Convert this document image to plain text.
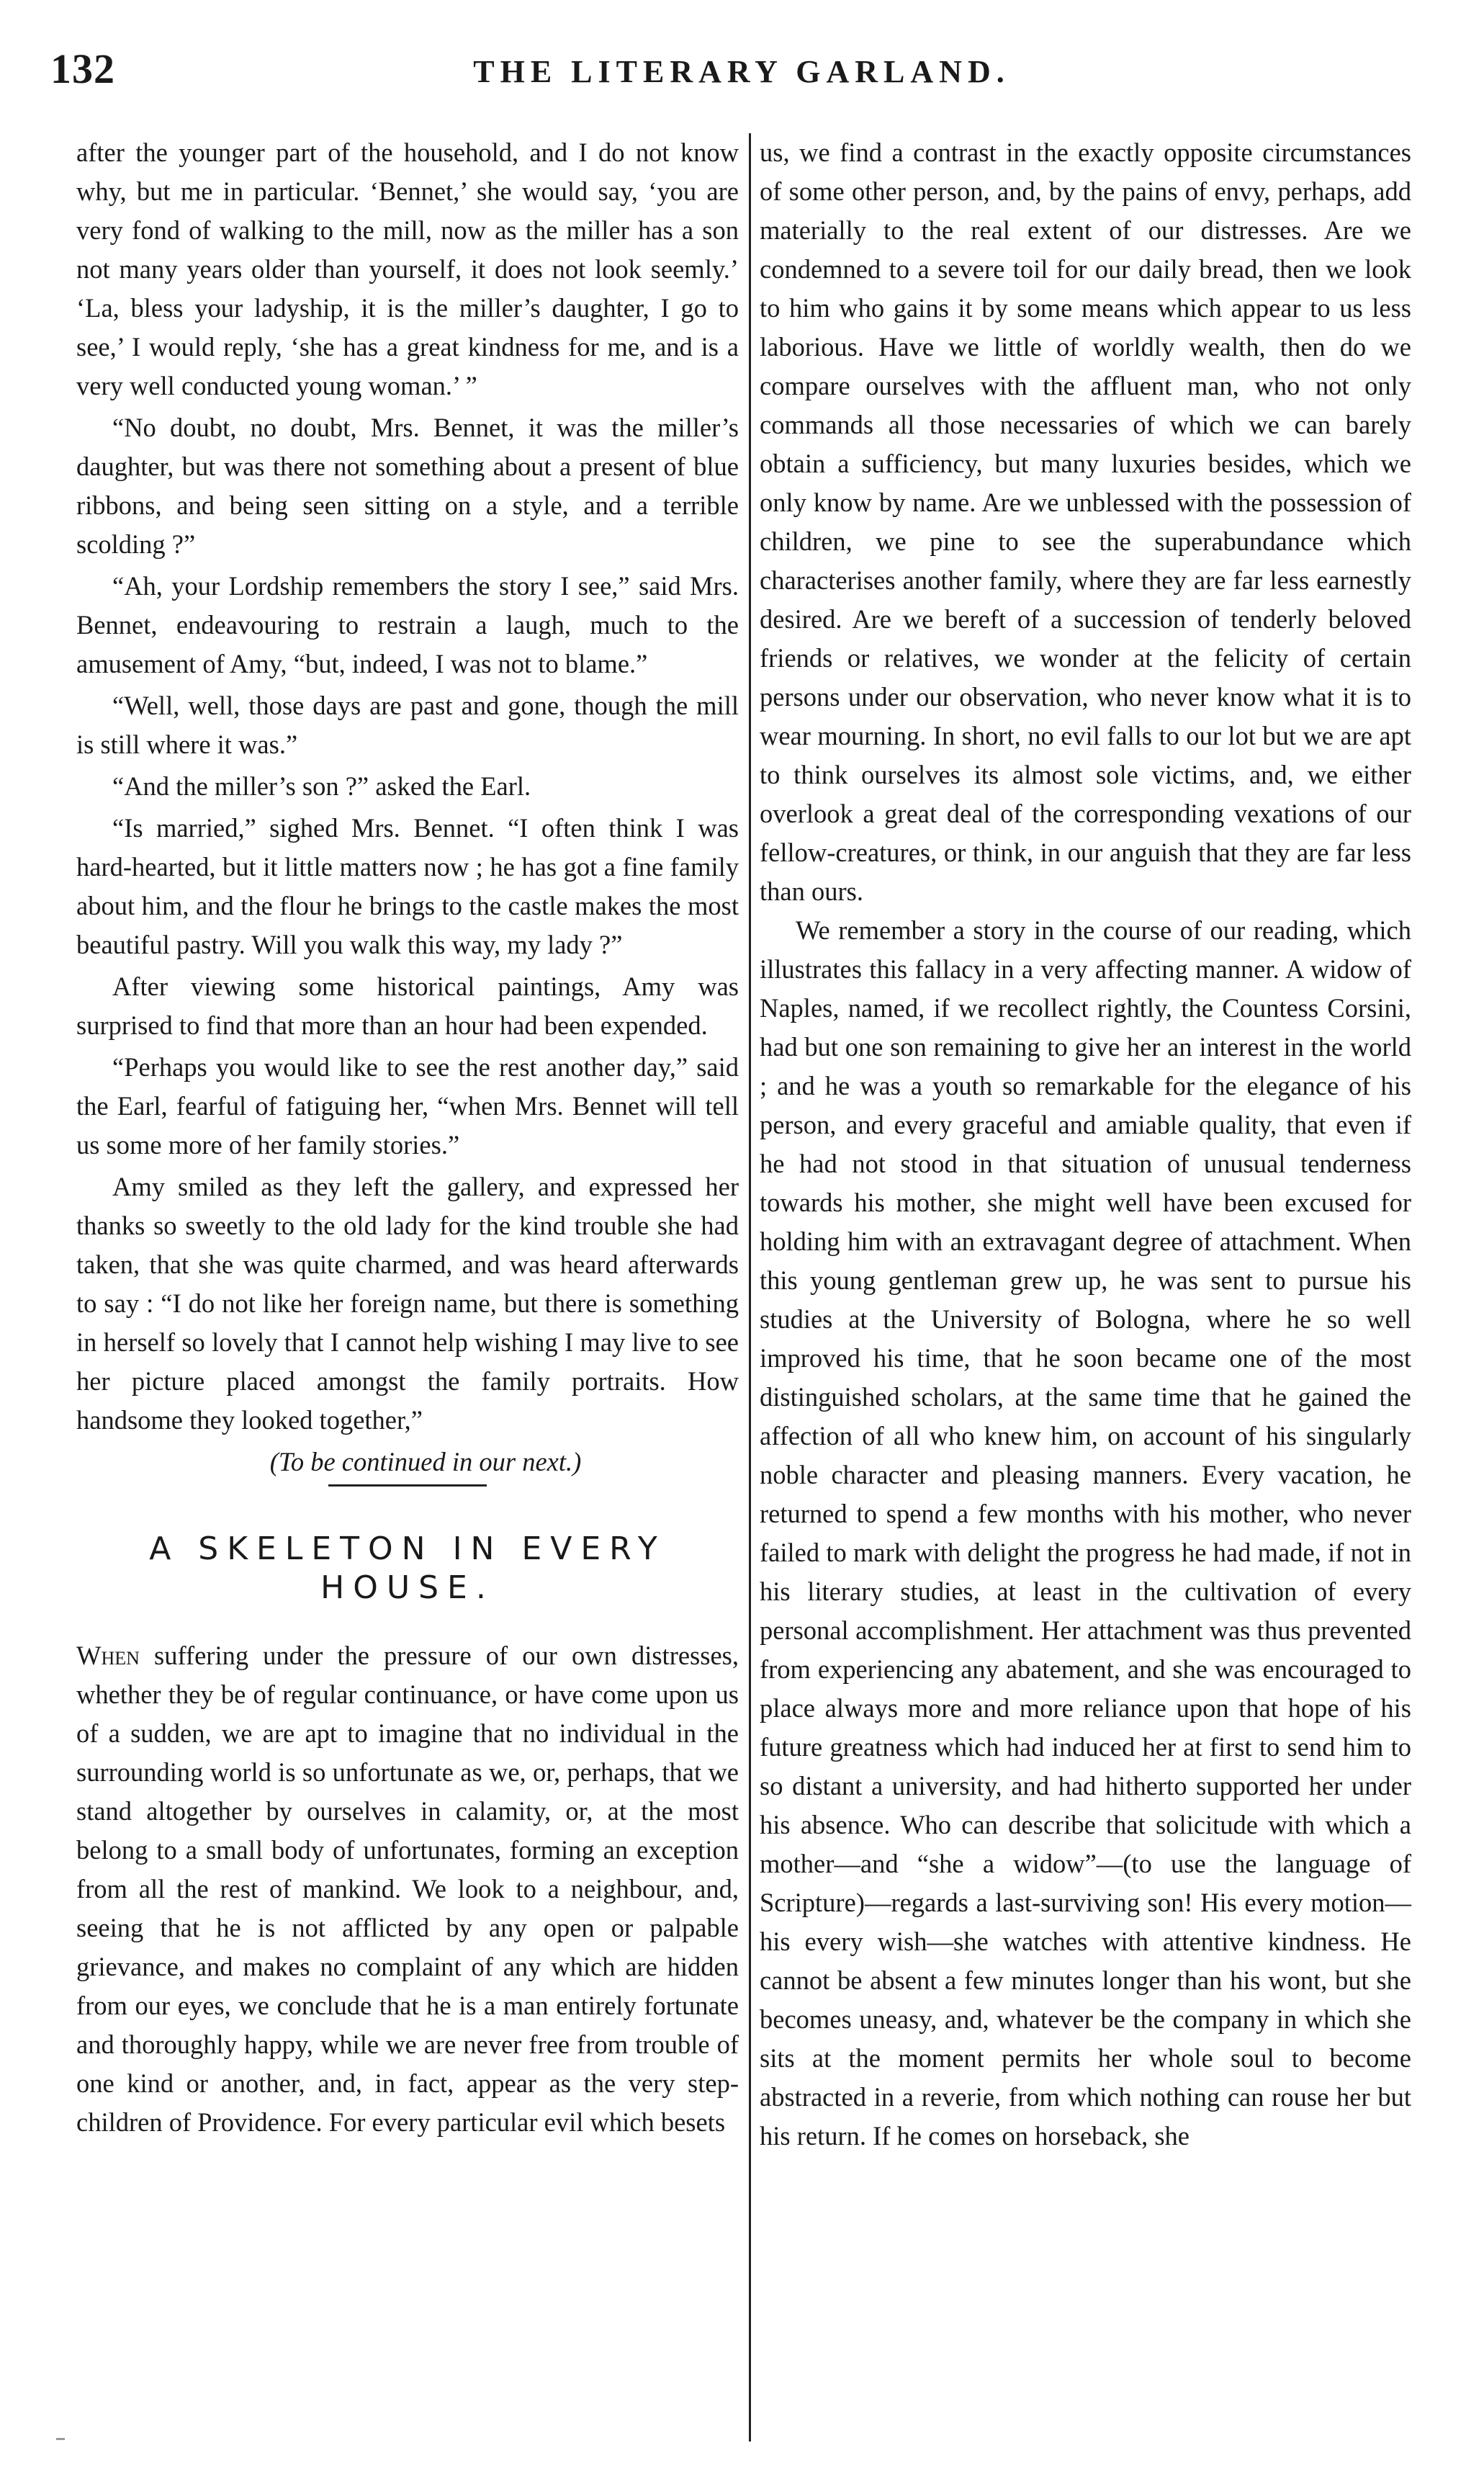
132	THE LITERARY GARLAND.

after the younger part of the household, and I do not know why, but me in particular. ‘Bennet,’ she would say, ‘you are very fond of walking to the mill, now as the miller has a son not many years older than yourself, it does not look seemly.’ ‘La, bless your ladyship, it is the miller’s daughter, I go to see,’ I would reply, ‘she has a great kindness for me, and is a very well conducted young woman.’ ”

“No doubt, no doubt, Mrs. Bennet, it was the miller’s daughter, but was there not something about a present of blue ribbons, and being seen sitting on a style, and a terrible scolding ?”

“Ah, your Lordship remembers the story I see,” said Mrs. Bennet, endeavouring to restrain a laugh, much to the amusement of Amy, “but, indeed, I was not to blame.”

“Well, well, those days are past and gone, though the mill is still where it was.”

“And the miller’s son ?” asked the Earl.

“Is married,” sighed Mrs. Bennet. “I often think I was hard-hearted, but it little matters now ; he has got a fine family about him, and the flour he brings to the castle makes the most beautiful pastry. Will you walk this way, my lady ?”

After viewing some historical paintings, Amy was surprised to find that more than an hour had been expended.

“Perhaps you would like to see the rest another day,” said the Earl, fearful of fatiguing her, “when Mrs. Bennet will tell us some more of her family stories.”

Amy smiled as they left the gallery, and expressed her thanks so sweetly to the old lady for the kind trouble she had taken, that she was quite charmed, and was heard afterwards to say : “I do not like her foreign name, but there is something in herself so lovely that I cannot help wishing I may live to see her picture placed amongst the family portraits. How handsome they looked together,”

(To be continued in our next.)

A SKELETON IN EVERY HOUSE.

When suffering under the pressure of our own distresses, whether they be of regular continuance, or have come upon us of a sudden, we are apt to imagine that no individual in the surrounding world is so unfortunate as we, or, perhaps, that we stand altogether by ourselves in calamity, or, at the most belong to a small body of unfortunates, forming an exception from all the rest of mankind. We look to a neighbour, and, seeing that he is not afflicted by any open or palpable grievance, and makes no complaint of any which are hidden from our eyes, we conclude that he is a man entirely fortunate and thoroughly happy, while we are never free from trouble of one kind or another, and, in fact, appear as the very step-children of Providence. For every particular evil which besets

us, we find a contrast in the exactly opposite circumstances of some other person, and, by the pains of envy, perhaps, add materially to the real extent of our distresses. Are we condemned to a severe toil for our daily bread, then we look to him who gains it by some means which appear to us less laborious. Have we little of worldly wealth, then do we compare ourselves with the affluent man, who not only commands all those necessaries of which we can barely obtain a sufficiency, but many luxuries besides, which we only know by name. Are we unblessed with the possession of children, we pine to see the superabundance which characterises another family, where they are far less earnestly desired. Are we bereft of a succession of tenderly beloved friends or relatives, we wonder at the felicity of certain persons under our observation, who never know what it is to wear mourning. In short, no evil falls to our lot but we are apt to think ourselves its almost sole victims, and, we either overlook a great deal of the corresponding vexations of our fellow-creatures, or think, in our anguish that they are far less than ours.

We remember a story in the course of our reading, which illustrates this fallacy in a very affecting manner. A widow of Naples, named, if we recollect rightly, the Countess Corsini, had but one son remaining to give her an interest in the world ; and he was a youth so remarkable for the elegance of his person, and every graceful and amiable quality, that even if he had not stood in that situation of unusual tenderness towards his mother, she might well have been excused for holding him with an extravagant degree of attachment. When this young gentleman grew up, he was sent to pursue his studies at the University of Bologna, where he so well improved his time, that he soon became one of the most distinguished scholars, at the same time that he gained the affection of all who knew him, on account of his singularly noble character and pleasing manners. Every vacation, he returned to spend a few months with his mother, who never failed to mark with delight the progress he had made, if not in his literary studies, at least in the cultivation of every personal accomplishment. Her attachment was thus prevented from experiencing any abatement, and she was encouraged to place always more and more reliance upon that hope of his future greatness which had induced her at first to send him to so distant a university, and had hitherto supported her under his absence. Who can describe that solicitude with which a mother—and “she a widow”—(to use the language of Scripture)—regards a last-surviving son! His every motion—his every wish—she watches with attentive kindness. He cannot be absent a few minutes longer than his wont, but she becomes uneasy, and, whatever be the company in which she sits at the moment permits her whole soul to become abstracted in a reverie, from which nothing can rouse her but his return. If he comes on horseback, she
